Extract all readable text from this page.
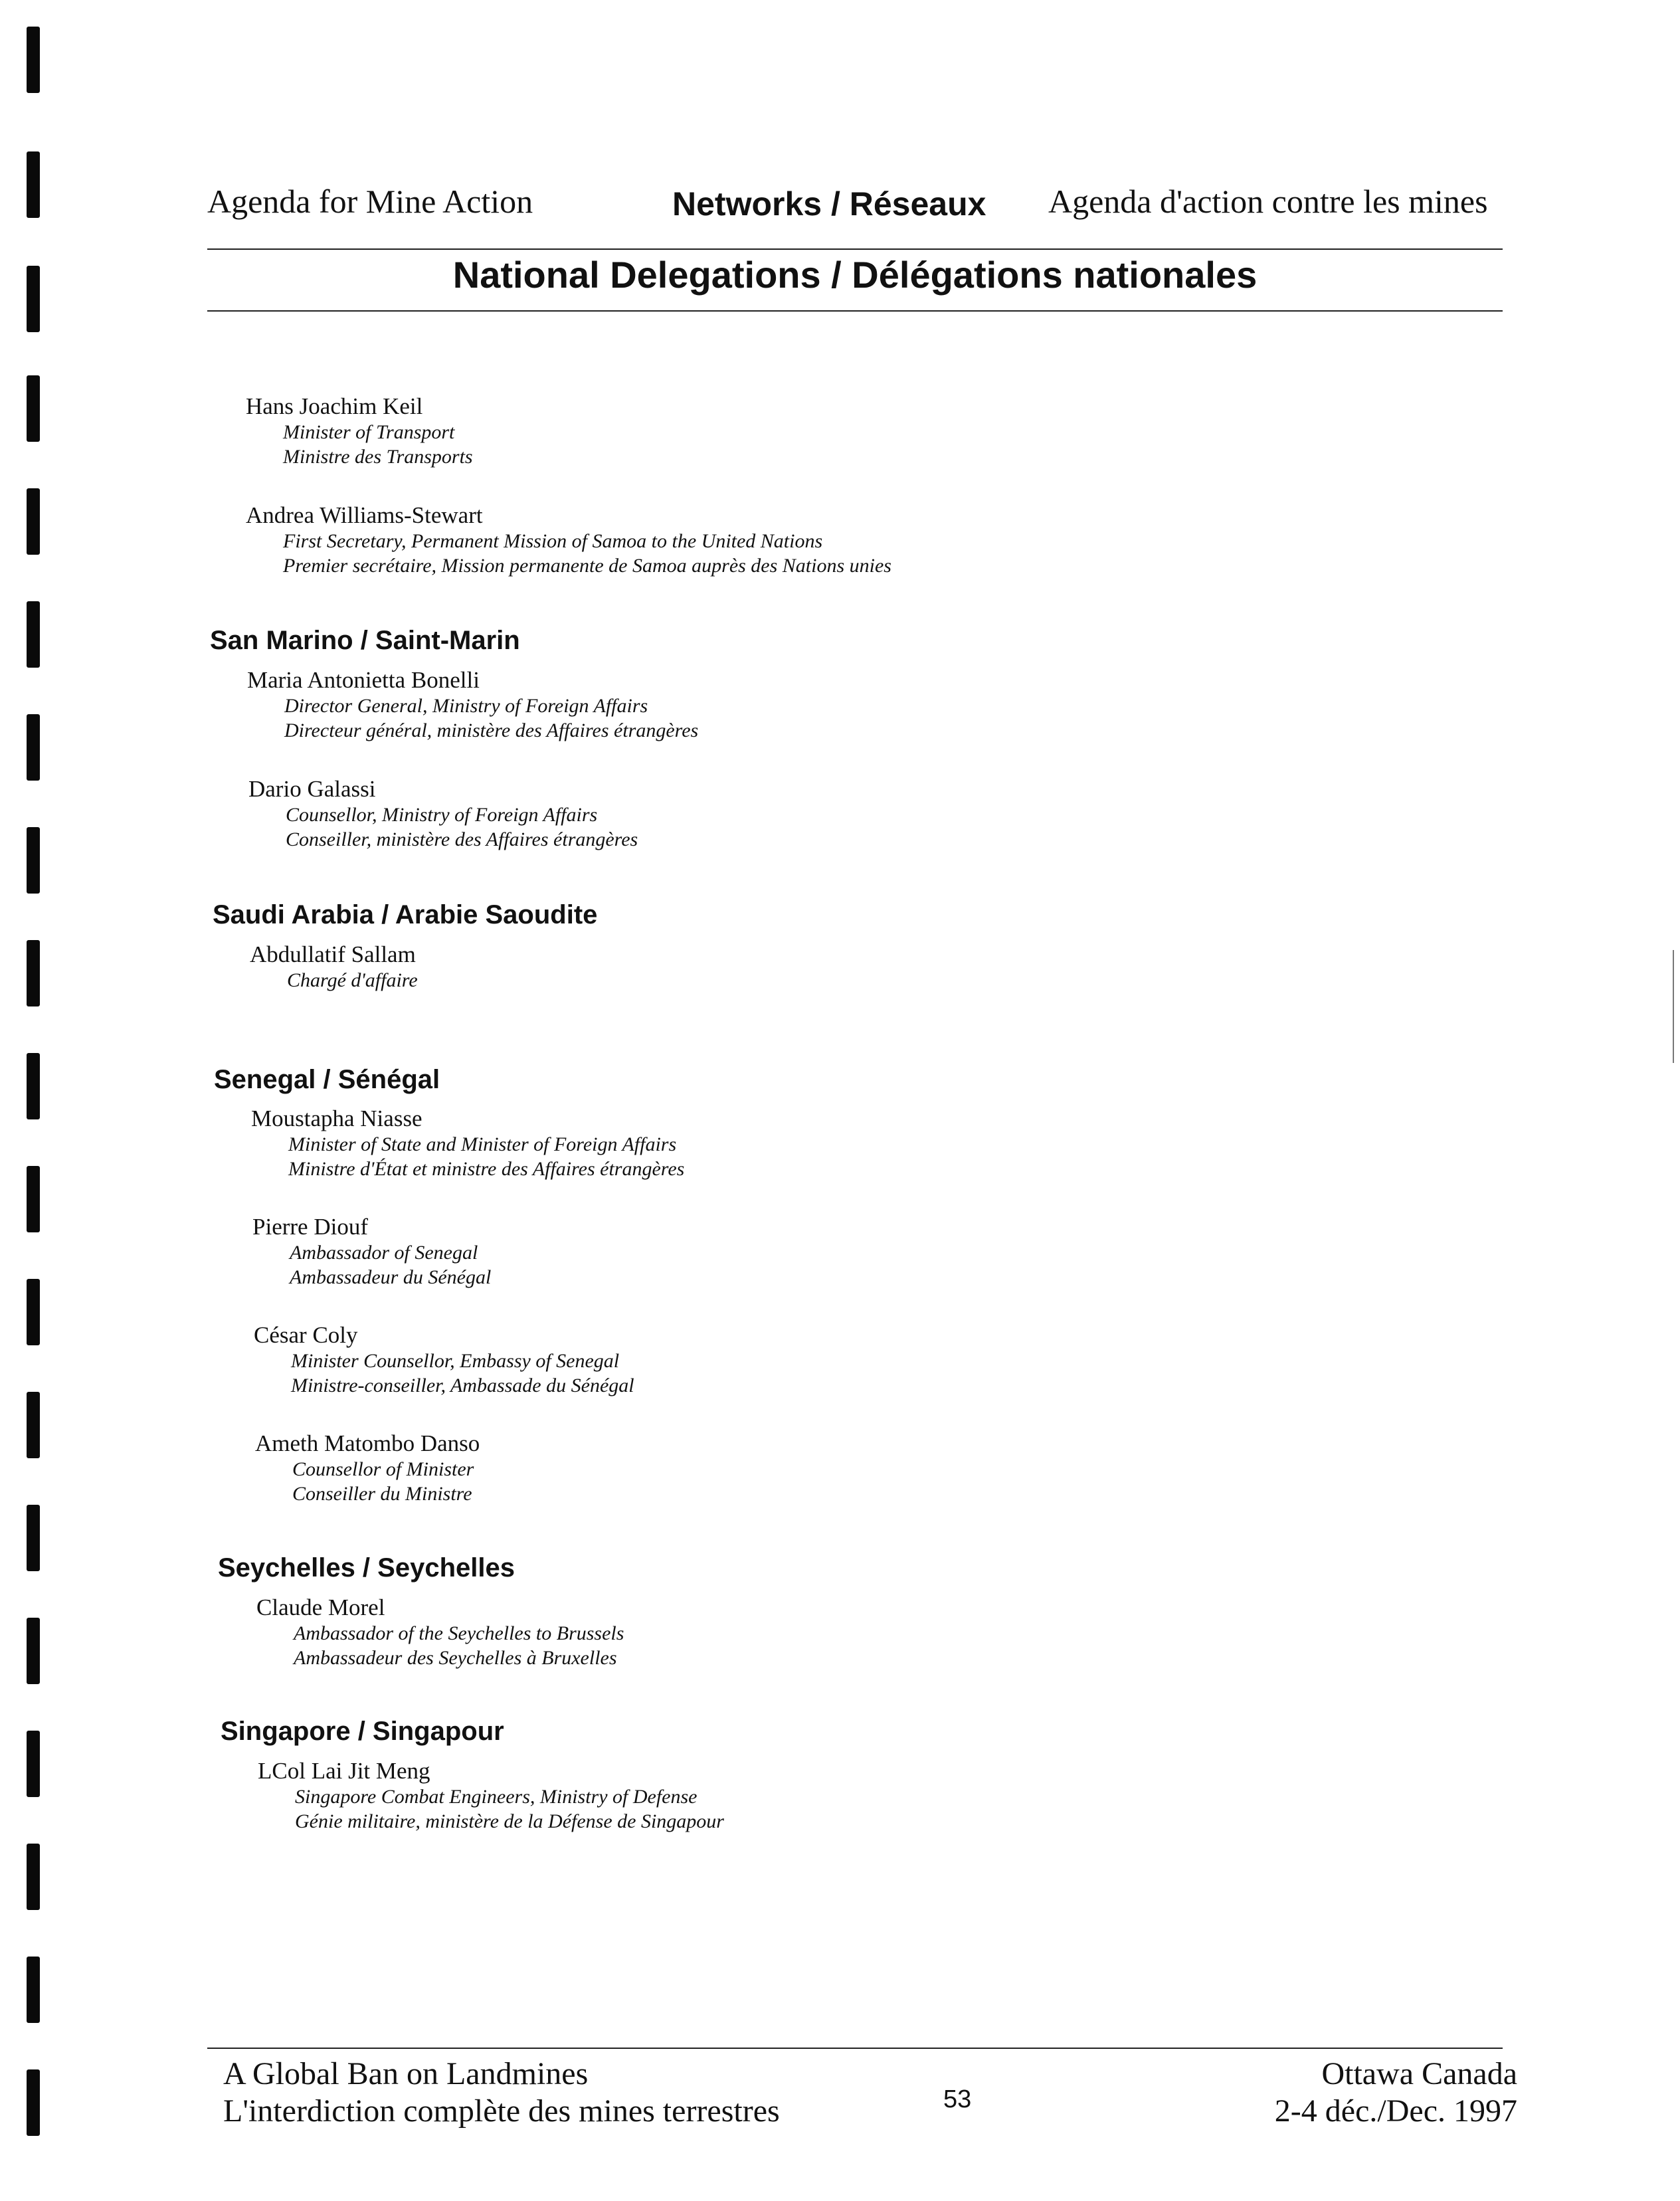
Agenda for Mine Action	Networks / Réseaux Agenda d'action contre les mines
National Delegations / Délégations nationales
Hans Joachim Keil
Minister of Transport
Ministre des Transports
Andrea Williams-Stewart
First Secretary, Permanent Mission of Samoa to the United Nations
Premier secrétaire, Mission permanente de Samoa auprès des Nations unies
San Marino / Saint-Marin
Maria Antonietta Bonelli
Director General, Ministry of Foreign Affairs
Directeur général, ministère des Affaires étrangères
Dario Galassi
Counsellor, Ministry of Foreign Affairs
Conseiller, ministère des Affaires étrangères
Saudi Arabia / Arabie Saoudite
Abdullatif Sallam
Chargé d'affaire
Senegal / Sénégal
Moustapha Niasse
Minister of State and Minister of Foreign Affairs
Ministre d'État et ministre des Affaires étrangères
Pierre Diouf
Ambassador of Senegal
Ambassadeur du Sénégal
César Coly
Minister Counsellor, Embassy of Senegal
Ministre-conseiller, Ambassade du Sénégal
Ameth Matombo Danso
Counsellor of Minister
Conseiller du Ministre
Seychelles / Seychelles
Claude Morel
Ambassador of the Seychelles to Brussels
Ambassadeur des Seychelles à Bruxelles
Singapore / Singapour
LCol Lai Jit Meng
Singapore Combat Engineers, Ministry of Defense
Génie militaire, ministère de la Défense de Singapour
A Global Ban on Landmines
L'interdiction complète des mines terrestres	53
Ottawa Canada
2-4 déc./Dec. 1997
